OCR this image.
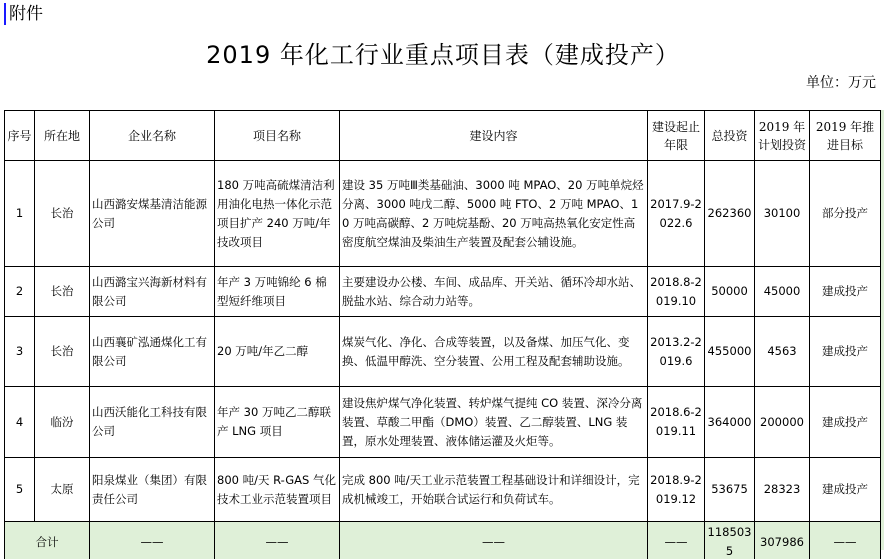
附件
2019 年化工行业重点项目表（建成投产）
单位：万元
序号	所在地	企业名称	项目名称	建设内容	建设起止年限	总投资	2019 年计划投资	2019 年推进目标
1	长治	山西潞安煤基清洁能源公司	180 万吨高硫煤清洁利用油化电热一体化示范项目扩产 240 万吨/年技改项目	建设 35 万吨Ⅲ类基础油、3000 吨 MPAO、20 万吨单烷烃分离、3000 吨戊二醇、5000 吨 FTO、2 万吨 MPAO、10 万吨高碳醇、2 万吨烷基酚、20 万吨高热氧化安定性高密度航空煤油及柴油生产装置及配套公辅设施。	2017.9-2022.6	262360	30100	部分投产
2	长治	山西潞宝兴海新材料有限公司	年产 3 万吨锦纶 6 棉型短纤维项目	主要建设办公楼、车间、成品库、开关站、循环冷却水站、脱盐水站、综合动力站等。	2018.8-2019.10	50000	45000	建成投产
3	长治	山西襄矿泓通煤化工有限公司	20 万吨/年乙二醇	煤炭气化、净化、合成等装置，以及备煤、加压气化、变换、低温甲醇洗、空分装置、公用工程及配套辅助设施。	2013.2-2019.6	455000	4563	建成投产
4	临汾	山西沃能化工科技有限公司	年产 30 万吨乙二醇联产 LNG 项目	建设焦炉煤气净化装置、转炉煤气提纯 CO 装置、深冷分离装置、草酸二甲酯（DMO）装置、乙二醇装置、LNG 装置，原水处理装置、液体储运灌及火炬等。	2018.6-2019.11	364000	200000	建成投产
5	太原	阳泉煤业（集团）有限责任公司	800 吨/天 R-GAS 气化技术工业示范装置项目	完成 800 吨/天工业示范装置工程基础设计和详细设计，完成机械竣工，开始联合试运行和负荷试车。	2018.9-2019.12	53675	28323	建成投产
合计		——	——	——	——	1185035	307986	——
